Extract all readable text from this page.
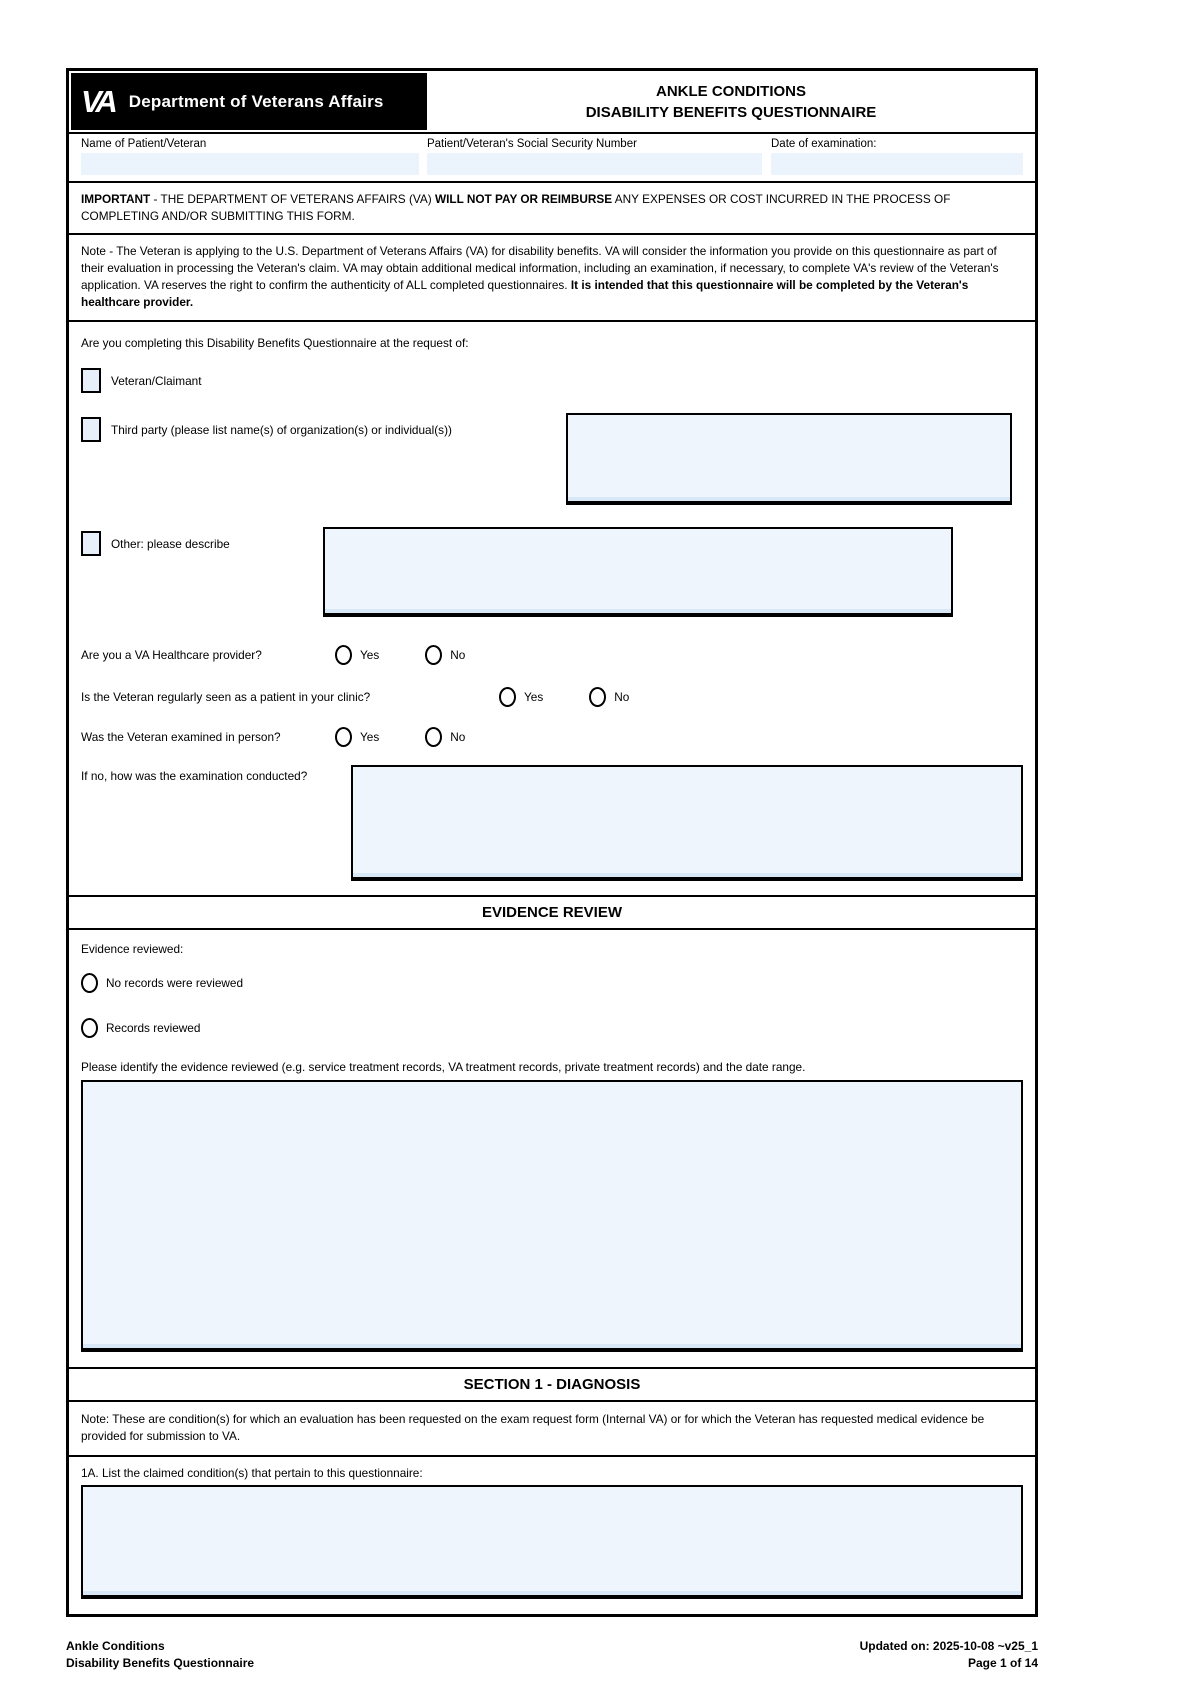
VA Department of Veterans Affairs
ANKLE CONDITIONS
DISABILITY BENEFITS QUESTIONNAIRE
Name of Patient/Veteran	Patient/Veteran's Social Security Number	Date of examination:
IMPORTANT - THE DEPARTMENT OF VETERANS AFFAIRS (VA) WILL NOT PAY OR REIMBURSE ANY EXPENSES OR COST INCURRED IN THE PROCESS OF COMPLETING AND/OR SUBMITTING THIS FORM.
Note - The Veteran is applying to the U.S. Department of Veterans Affairs (VA) for disability benefits. VA will consider the information you provide on this questionnaire as part of their evaluation in processing the Veteran's claim. VA may obtain additional medical information, including an examination, if necessary, to complete VA's review of the Veteran's application. VA reserves the right to confirm the authenticity of ALL completed questionnaires. It is intended that this questionnaire will be completed by the Veteran's healthcare provider.
Are you completing this Disability Benefits Questionnaire at the request of:
Veteran/Claimant
Third party (please list name(s) of organization(s) or individual(s))
Other: please describe
Are you a VA Healthcare provider?	Yes	No
Is the Veteran regularly seen as a patient in your clinic?	Yes	No
Was the Veteran examined in person?	Yes	No
If no, how was the examination conducted?
EVIDENCE REVIEW
Evidence reviewed:
No records were reviewed
Records reviewed
Please identify the evidence reviewed (e.g. service treatment records, VA treatment records, private treatment records) and the date range.
SECTION 1 - DIAGNOSIS
Note: These are condition(s) for which an evaluation has been requested on the exam request form (Internal VA) or for which the Veteran has requested medical evidence be provided for submission to VA.
1A. List the claimed condition(s) that pertain to this questionnaire:
Ankle Conditions
Disability Benefits Questionnaire
Updated on: 2025-10-08 ~v25_1
Page 1 of 14
